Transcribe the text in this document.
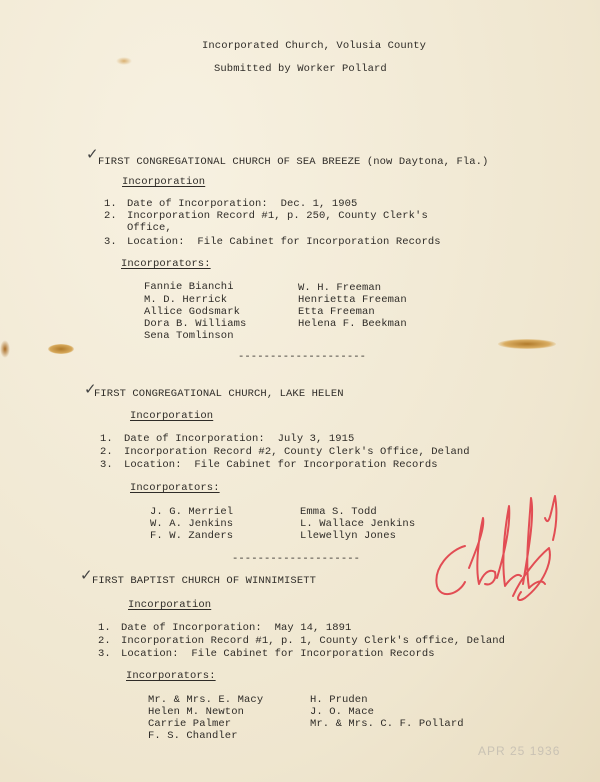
Incorporated Church, Volusia County
Submitted by Worker Pollard
✓ FIRST CONGREGATIONAL CHURCH OF SEA BREEZE (now Daytona, Fla.)
Incorporation
1. Date of Incorporation:  Dec. 1, 1905
2. Incorporation Record #1, p. 250, County Clerk's
Office,
3. Location:  File Cabinet for Incorporation Records
Incorporators:
Fannie Bianchi
M. D. Herrick
Allice Godsmark
Dora B. Williams
Sena Tomlinson
W. H. Freeman
Henrietta Freeman
Etta Freeman
Helena F. Beekman
--------------------
✓
FIRST CONGREGATIONAL CHURCH, LAKE HELEN
Incorporation
1. Date of Incorporation:  July 3, 1915
2. Incorporation Record #2, County Clerk's Office, Deland
3. Location:  File Cabinet for Incorporation Records
Incorporators:
J. G. Merriel
W. A. Jenkins
F. W. Zanders
Emma S. Todd
L. Wallace Jenkins
Llewellyn Jones
--------------------
✓ FIRST BAPTIST CHURCH OF WINNIMISETT
Incorporation
1. Date of Incorporation:  May 14, 1891
2. Incorporation Record #1, p. 1, County Clerk's office, Deland
3. Location:  File Cabinet for Incorporation Records
Incorporators:
Mr. & Mrs. E. Macy
Helen M. Newton
Carrie Palmer
F. S. Chandler
H. Pruden
J. O. Mace
Mr. & Mrs. C. F. Pollard
APR 25 1936
